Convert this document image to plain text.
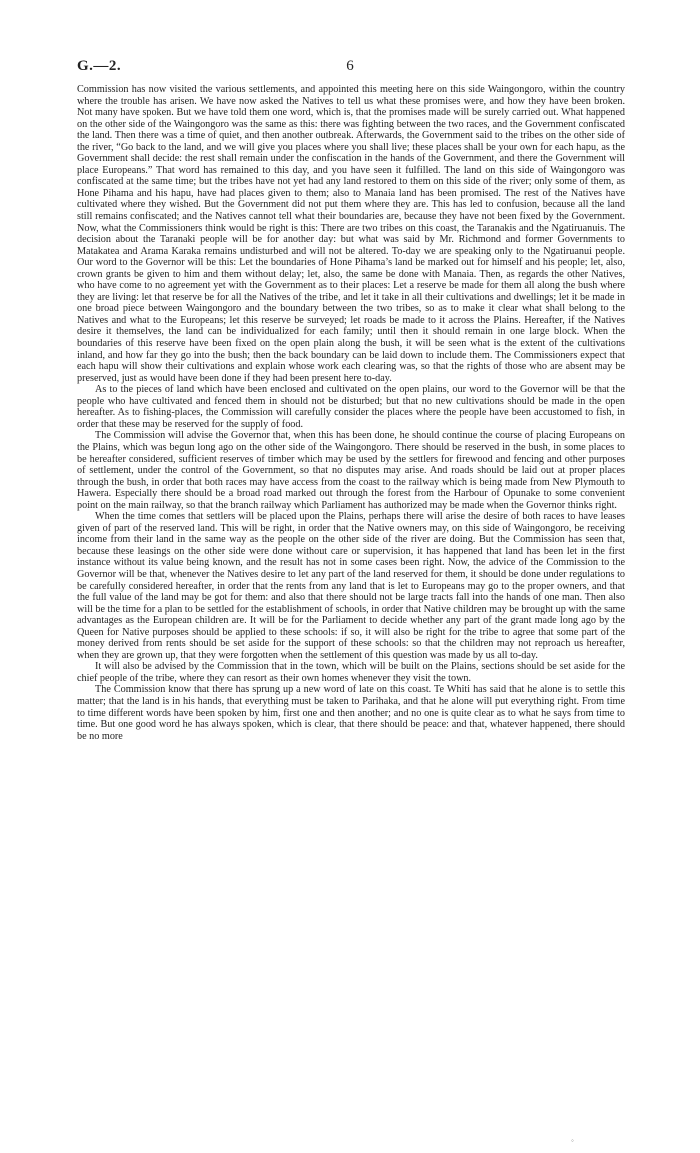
G.—2.	6

Commission has now visited the various settlements, and appointed this meeting here on this side Waingongoro, within the country where the trouble has arisen. We have now asked the Natives to tell us what these promises were, and how they have been broken. Not many have spoken. But we have told them one word, which is, that the promises made will be surely carried out. What happened on the other side of the Waingongoro was the same as this: there was fighting between the two races, and the Government confiscated the land. Then there was a time of quiet, and then another outbreak. Afterwards, the Government said to the tribes on the other side of the river, “Go back to the land, and we will give you places where you shall live; these places shall be your own for each hapu, as the Government shall decide: the rest shall remain under the confiscation in the hands of the Government, and there the Government will place Europeans.” That word has remained to this day, and you have seen it fulfilled. The land on this side of Waingongoro was confiscated at the same time; but the tribes have not yet had any land restored to them on this side of the river; only some of them, as Hone Pihama and his hapu, have had places given to them; also to Manaia land has been promised. The rest of the Natives have cultivated where they wished. But the Government did not put them where they are. This has led to confusion, because all the land still remains confiscated; and the Natives cannot tell what their boundaries are, because they have not been fixed by the Government. Now, what the Commissioners think would be right is this: There are two tribes on this coast, the Taranakis and the Ngatiruanuis. The decision about the Taranaki people will be for another day: but what was said by Mr. Richmond and former Governments to Matakatea and Arama Karaka remains undisturbed and will not be altered. To-day we are speaking only to the Ngatiruanui people. Our word to the Governor will be this: Let the boundaries of Hone Pihama’s land be marked out for himself and his people; let, also, crown grants be given to him and them without delay; let, also, the same be done with Manaia. Then, as regards the other Natives, who have come to no agreement yet with the Government as to their places: Let a reserve be made for them all along the bush where they are living: let that reserve be for all the Natives of the tribe, and let it take in all their cultivations and dwellings; let it be made in one broad piece between Waingongoro and the boundary between the two tribes, so as to make it clear what shall belong to the Natives and what to the Europeans; let this reserve be surveyed; let roads be made to it across the Plains. Hereafter, if the Natives desire it themselves, the land can be individualized for each family; until then it should remain in one large block. When the boundaries of this reserve have been fixed on the open plain along the bush, it will be seen what is the extent of the cultivations inland, and how far they go into the bush; then the back boundary can be laid down to include them. The Commissioners expect that each hapu will show their cultivations and explain whose work each clearing was, so that the rights of those who are absent may be preserved, just as would have been done if they had been present here to-day.

As to the pieces of land which have been enclosed and cultivated on the open plains, our word to the Governor will be that the people who have cultivated and fenced them in should not be disturbed; but that no new cultivations should be made in the open hereafter. As to fishing-places, the Commission will carefully consider the places where the people have been accustomed to fish, in order that these may be reserved for the supply of food.

The Commission will advise the Governor that, when this has been done, he should continue the course of placing Europeans on the Plains, which was begun long ago on the other side of the Waingongoro. There should be reserved in the bush, in some places to be hereafter considered, sufficient reserves of timber which may be used by the settlers for firewood and fencing and other purposes of settlement, under the control of the Government, so that no disputes may arise. And roads should be laid out at proper places through the bush, in order that both races may have access from the coast to the railway which is being made from New Plymouth to Hawera. Especially there should be a broad road marked out through the forest from the Harbour of Opunake to some convenient point on the main railway, so that the branch railway which Parliament has authorized may be made when the Governor thinks right.

When the time comes that settlers will be placed upon the Plains, perhaps there will arise the desire of both races to have leases given of part of the reserved land. This will be right, in order that the Native owners may, on this side of Waingongoro, be receiving income from their land in the same way as the people on the other side of the river are doing. But the Commission has seen that, because these leasings on the other side were done without care or supervision, it has happened that land has been let in the first instance without its value being known, and the result has not in some cases been right. Now, the advice of the Commission to the Governor will be that, whenever the Natives desire to let any part of the land reserved for them, it should be done under regulations to be carefully considered hereafter, in order that the rents from any land that is let to Europeans may go to the proper owners, and that the full value of the land may be got for them: and also that there should not be large tracts fall into the hands of one man. Then also will be the time for a plan to be settled for the establishment of schools, in order that Native children may be brought up with the same advantages as the European children are. It will be for the Parliament to decide whether any part of the grant made long ago by the Queen for Native purposes should be applied to these schools: if so, it will also be right for the tribe to agree that some part of the money derived from rents should be set aside for the support of these schools: so that the children may not reproach us hereafter, when they are grown up, that they were forgotten when the settlement of this question was made by us all to-day.

It will also be advised by the Commission that in the town, which will be built on the Plains, sections should be set aside for the chief people of the tribe, where they can resort as their own homes whenever they visit the town.

The Commission know that there has sprung up a new word of late on this coast. Te Whiti has said that he alone is to settle this matter; that the land is in his hands, that everything must be taken to Parihaka, and that he alone will put everything right. From time to time different words have been spoken by him, first one and then another; and no one is quite clear as to what he says from time to time. But one good word he has always spoken, which is clear, that there should be peace: and that, whatever happened, there should be no more

◦
